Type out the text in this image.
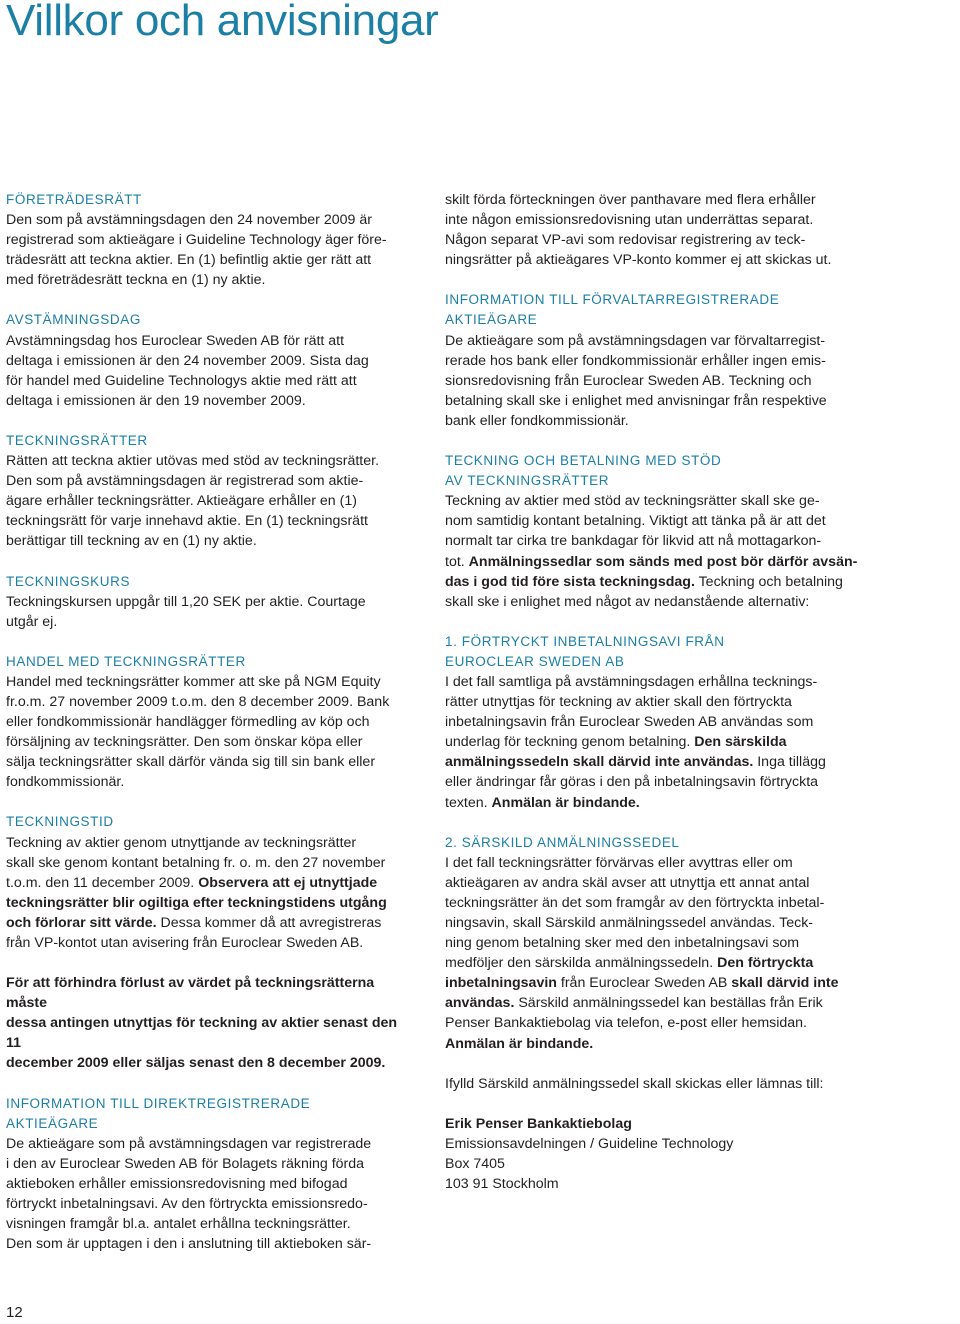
Villkor och anvisningar
FÖRETRÄDESRÄTT
Den som på avstämningsdagen den 24 november 2009 är
registrerad som aktieägare i Guideline Technology äger före-
trädesrätt att teckna aktier. En (1) befintlig aktie ger rätt att
med företrädesrätt teckna en (1) ny aktie.
AVSTÄMNINGSDAG
Avstämningsdag hos Euroclear Sweden AB för rätt att
deltaga i emissionen är den 24 november 2009. Sista dag
för handel med Guideline Technologys aktie med rätt att
deltaga i emissionen är den 19 november 2009.
TECKNINGSRÄTTER
Rätten att teckna aktier utövas med stöd av teckningsrätter.
Den som på avstämningsdagen är registrerad som aktie-
ägare erhåller teckningsrätter. Aktieägare erhåller en (1)
teckningsrätt för varje innehavd aktie. En (1) teckningsrätt
berättigar till teckning av en (1) ny aktie.
TECKNINGSKURS
Teckningskursen uppgår till 1,20 SEK per aktie. Courtage
utgår ej.
HANDEL MED TECKNINGSRÄTTER
Handel med teckningsrätter kommer att ske på NGM Equity
fr.o.m. 27 november 2009 t.o.m. den 8 december 2009. Bank
eller fondkommissionär handlägger förmedling av köp och
försäljning av teckningsrätter. Den som önskar köpa eller
sälja teckningsrätter skall därför vända sig till sin bank eller
fondkommissionär.
TECKNINGSTID
Teckning av aktier genom utnyttjande av teckningsrätter
skall ske genom kontant betalning fr. o. m. den 27 november
t.o.m. den 11 december 2009. Observera att ej utnyttjade
teckningsrätter blir ogiltiga efter teckningstidens utgång
och förlorar sitt värde. Dessa kommer då att avregistreras
från VP-kontot utan avisering från Euroclear Sweden AB.
För att förhindra förlust av värdet på teckningsrätterna måste
dessa antingen utnyttjas för teckning av aktier senast den 11
december 2009 eller säljas senast den 8 december 2009.
INFORMATION TILL DIREKTREGISTRERADE AKTIEÄGARE
De aktieägare som på avstämningsdagen var registrerade
i den av Euroclear Sweden AB för Bolagets räkning förda
aktieboken erhåller emissionsredovisning med bifogad
förtryckt inbetalningsavi. Av den förtryckta emissionsredo-
visningen framgår bl.a. antalet erhållna teckningsrätter.
Den som är upptagen i den i anslutning till aktieboken sär-
skilt förda förteckningen över panthavare med flera erhåller
inte någon emissionsredovisning utan underrättas separat.
Någon separat VP-avi som redovisar registrering av teck-
ningsrätter på aktieägares VP-konto kommer ej att skickas ut.
INFORMATION TILL FÖRVALTARREGISTRERADE
AKTIEÄGARE
De aktieägare som på avstämningsdagen var förvaltarregist-
rerade hos bank eller fondkommissionär erhåller ingen emis-
sionsredovisning från Euroclear Sweden AB. Teckning och
betalning skall ske i enlighet med anvisningar från respektive
bank eller fondkommissionär.
TECKNING OCH BETALNING MED STÖD
AV TECKNINGSRÄTTER
Teckning av aktier med stöd av teckningsrätter skall ske ge-
nom samtidig kontant betalning. Viktigt att tänka på är att det
normalt tar cirka tre bankdagar för likvid att nå mottagarkon-
tot. Anmälningssedlar som sänds med post bör därför avsän-
das i god tid före sista teckningsdag. Teckning och betalning
skall ske i enlighet med något av nedanstående alternativ:
1. FÖRTRYCKT INBETALNINGSAVI FRÅN
EUROCLEAR SWEDEN AB
I det fall samtliga på avstämningsdagen erhållna tecknings-
rätter utnyttjas för teckning av aktier skall den förtryckta
inbetalningsavin från Euroclear Sweden AB användas som
underlag för teckning genom betalning. Den särskilda
anmälningssedeln skall därvid inte användas. Inga tillägg
eller ändringar får göras i den på inbetalningsavin förtryckta
texten. Anmälan är bindande.
2. SÄRSKILD ANMÄLNINGSSEDEL
I det fall teckningsrätter förvärvas eller avyttras eller om
aktieägaren av andra skäl avser att utnyttja ett annat antal
teckningsrätter än det som framgår av den förtryckta inbetal-
ningsavin, skall Särskild anmälningssedel användas. Teck-
ning genom betalning sker med den inbetalningsavi som
medföljer den särskilda anmälningssedeln. Den förtryckta
inbetalningsavin från Euroclear Sweden AB skall därvid inte
användas. Särskild anmälningssedel kan beställas från Erik
Penser Bankaktiebolag via telefon, e-post eller hemsidan.
Anmälan är bindande.
Ifylld Särskild anmälningssedel skall skickas eller lämnas till:
Erik Penser Bankaktiebolag
Emissionsavdelningen / Guideline Technology
Box 7405
103 91 Stockholm
12
